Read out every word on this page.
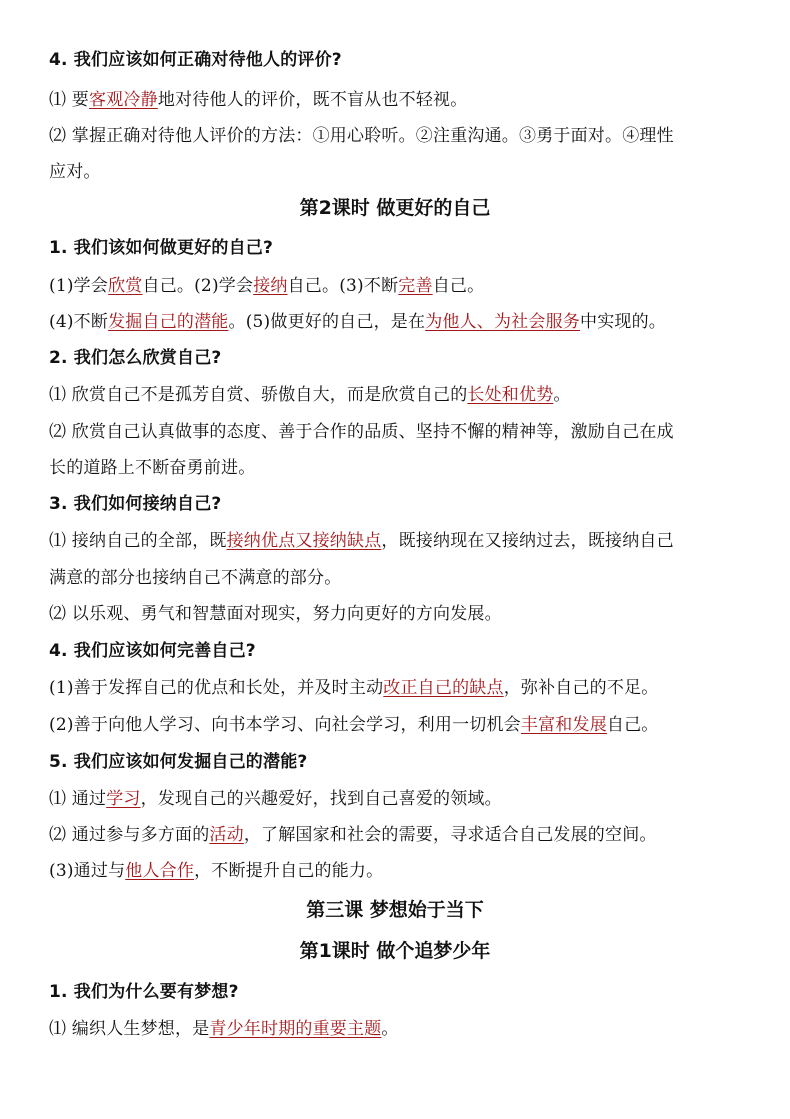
4. 我们应该如何正确对待他人的评价?
⑴ 要客观冷静地对待他人的评价，既不盲从也不轻视。
⑵ 掌握正确对待他人评价的方法：①用心聆听。②注重沟通。③勇于面对。④理性
应对。
第2课时 做更好的自己
1. 我们该如何做更好的自己?
(1)学会欣赏自己。(2)学会接纳自己。(3)不断完善自己。
(4)不断发掘自己的潜能。(5)做更好的自己，是在为他人、为社会服务中实现的。
2. 我们怎么欣赏自己?
⑴ 欣赏自己不是孤芳自赏、骄傲自大，而是欣赏自己的长处和优势。
⑵ 欣赏自己认真做事的态度、善于合作的品质、坚持不懈的精神等，激励自己在成
长的道路上不断奋勇前进。
3. 我们如何接纳自己?
⑴ 接纳自己的全部，既接纳优点又接纳缺点，既接纳现在又接纳过去，既接纳自己
满意的部分也接纳自己不满意的部分。
⑵ 以乐观、勇气和智慧面对现实，努力向更好的方向发展。
4. 我们应该如何完善自己?
(1)善于发挥自己的优点和长处，并及时主动改正自己的缺点，弥补自己的不足。
(2)善于向他人学习、向书本学习、向社会学习，利用一切机会丰富和发展自己。
5. 我们应该如何发掘自己的潜能?
⑴ 通过学习，发现自己的兴趣爱好，找到自己喜爱的领域。
⑵ 通过参与多方面的活动，了解国家和社会的需要，寻求适合自己发展的空间。
(3)通过与他人合作，不断提升自己的能力。
第三课 梦想始于当下
第1课时 做个追梦少年
1. 我们为什么要有梦想?
⑴ 编织人生梦想，是青少年时期的重要主题。
